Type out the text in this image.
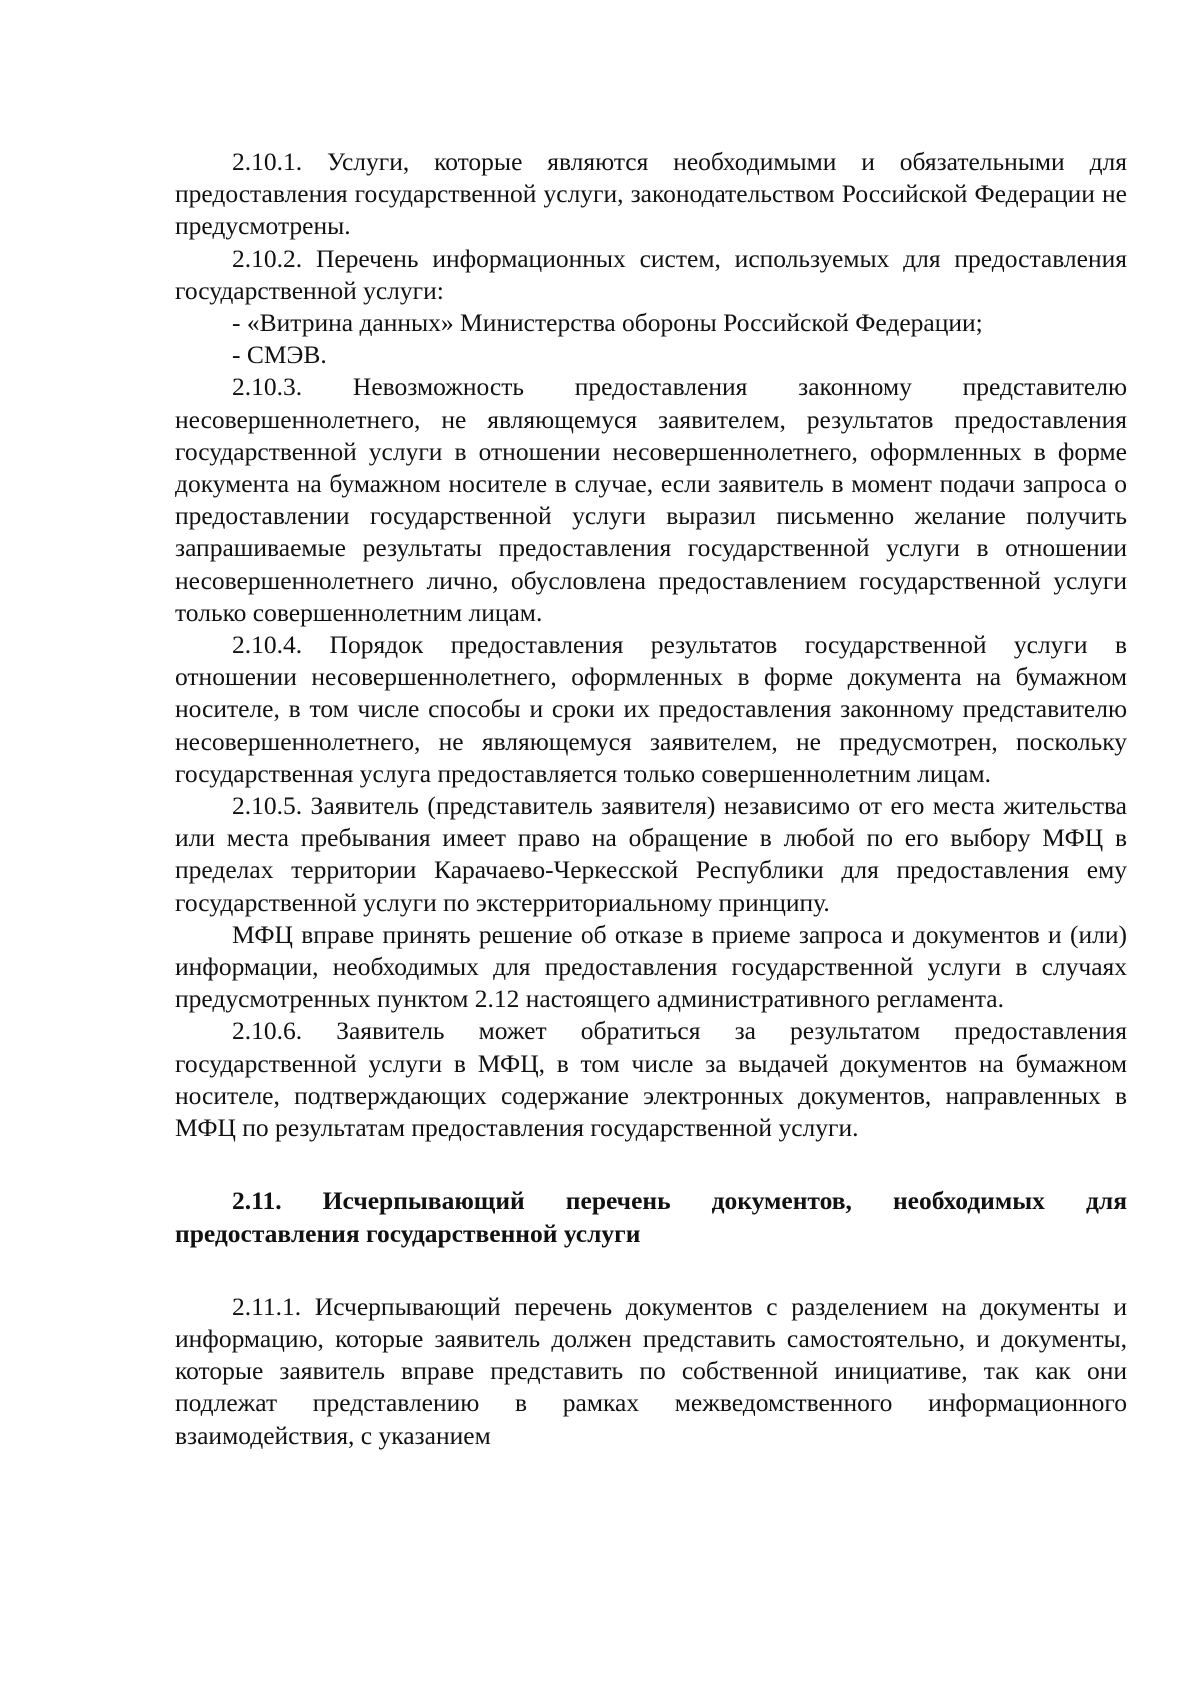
2.10.1. Услуги, которые являются необходимыми и обязательными для предоставления государственной услуги, законодательством Российской Федерации не предусмотрены.

2.10.2. Перечень информационных систем, используемых для предоставления государственной услуги:

- «Витрина данных» Министерства обороны Российской Федерации;

- СМЭВ.

2.10.3. Невозможность предоставления законному представителю несовершеннолетнего, не являющемуся заявителем, результатов предоставления государственной услуги в отношении несовершеннолетнего, оформленных в форме документа на бумажном носителе в случае, если заявитель в момент подачи запроса о предоставлении государственной услуги выразил письменно желание получить запрашиваемые результаты предоставления государственной услуги в отношении несовершеннолетнего лично, обусловлена предоставлением государственной услуги только совершеннолетним лицам.

2.10.4. Порядок предоставления результатов государственной услуги в отношении несовершеннолетнего, оформленных в форме документа на бумажном носителе, в том числе способы и сроки их предоставления законному представителю несовершеннолетнего, не являющемуся заявителем, не предусмотрен, поскольку государственная услуга предоставляется только совершеннолетним лицам.

2.10.5. Заявитель (представитель заявителя) независимо от его места жительства или места пребывания имеет право на обращение в любой по его выбору МФЦ в пределах территории Карачаево-Черкесской Республики для предоставления ему государственной услуги по экстерриториальному принципу.

МФЦ вправе принять решение об отказе в приеме запроса и документов и (или) информации, необходимых для предоставления государственной услуги в случаях предусмотренных пунктом 2.12 настоящего административного регламента.

2.10.6. Заявитель может обратиться за результатом предоставления государственной услуги в МФЦ, в том числе за выдачей документов на бумажном носителе, подтверждающих содержание электронных документов, направленных в МФЦ по результатам предоставления государственной услуги.

2.11. Исчерпывающий перечень документов, необходимых для предоставления государственной услуги

2.11.1. Исчерпывающий перечень документов с разделением на документы и информацию, которые заявитель должен представить самостоятельно, и документы, которые заявитель вправе представить по собственной инициативе, так как они подлежат представлению в рамках межведомственного информационного взаимодействия, с указанием
